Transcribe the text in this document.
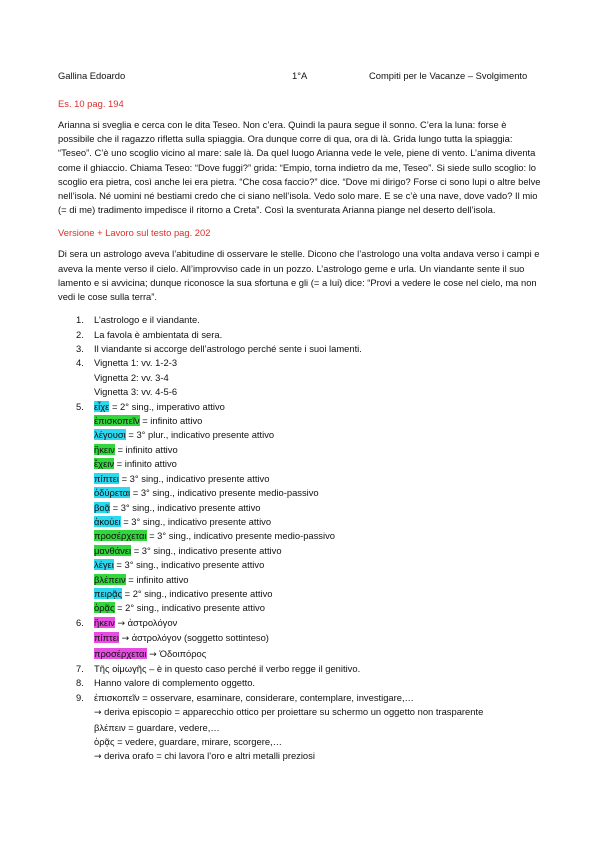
Gallina Edoardo	1°A	Compiti per le Vacanze – Svolgimento
Es. 10 pag. 194

Arianna si sveglia e cerca con le dita Teseo. Non c’era. Quindi la paura segue il sonno. C’era la luna: forse è possibile che il ragazzo rifletta sulla spiaggia. Ora dunque corre di qua, ora di là. Grida lungo tutta la spiaggia: “Teseo”. C’è uno scoglio vicino al mare: sale là. Da quel luogo Arianna vede le vele, piene di vento. L’anima diventa come il ghiaccio. Chiama Teseo: “Dove fuggi?” grida: “Empio, torna indietro da me, Teseo”. Si siede sullo scoglio: lo scoglio era pietra, così anche lei era pietra. “Che cosa faccio?” dice. “Dove mi dirigo? Forse ci sono lupi o altre belve nell’isola. Né uomini né bestiami credo che ci siano nell’isola. Vedo solo mare. E se c’è una nave, dove vado? Il mio (= di me) tradimento impedisce il ritorno a Creta”. Così la sventurata Arianna piange nel deserto dell’isola.

Versione + Lavoro sul testo pag. 202

Di sera un astrologo aveva l’abitudine di osservare le stelle. Dicono che l’astrologo una volta andava verso i campi e aveva la mente verso il cielo. All’improvviso cade in un pozzo. L’astrologo geme e urla. Un viandante sente il suo lamento e si avvicina; dunque riconosce la sua sfortuna e gli (= a lui) dice: “Provi a vedere le cose nel cielo, ma non vedi le cose sulla terra”.

1. L’astrologo e il viandante.
2. La favola è ambientata di sera.
3. Il viandante si accorge dell’astrologo perché sente i suoi lamenti.
4. Vignetta 1: vv. 1-2-3
Vignetta 2: vv. 3-4
Vignetta 3: vv. 4-5-6
5. εἶχε = 2° sing., imperativo attivo
ἐπισκοπεῖν = infinito attivo
λέγουσι = 3° plur., indicativo presente attivo
ἥκειν = infinito attivo
ἔχειν = infinito attivo
πίπτει = 3° sing., indicativo presente attivo
ὀδύρεται = 3° sing., indicativo presente medio-passivo
βοᾷ = 3° sing., indicativo presente attivo
ἀκούει = 3° sing., indicativo presente attivo
προσέρχεται = 3° sing., indicativo presente medio-passivo
μανθάνει = 3° sing., indicativo presente attivo
λέγει = 3° sing., indicativo presente attivo
βλέπειν = infinito attivo
πειρᾷς = 2° sing., indicativo presente attivo
ὁρᾷς = 2° sing., indicativo presente attivo
6. ἥκειν → ἀστρολόγον
πίπτει → ἀστρολόγον (soggetto sottinteso)
προσέρχεται → Ὁδοιπόρος
7. Τῆς οἰμωγῆς – è in questo caso perché il verbo regge il genitivo.
8. Hanno valore di complemento oggetto.
9. ἐπισκοπεῖν = osservare, esaminare, considerare, contemplare, investigare,…
→ deriva episcopio = apparecchio ottico per proiettare su schermo un oggetto non trasparente
βλέπειν = guardare, vedere,…
ὁρᾷς = vedere, guardare, mirare, scorgere,…
→ deriva orafo = chi lavora l’oro e altri metalli preziosi
